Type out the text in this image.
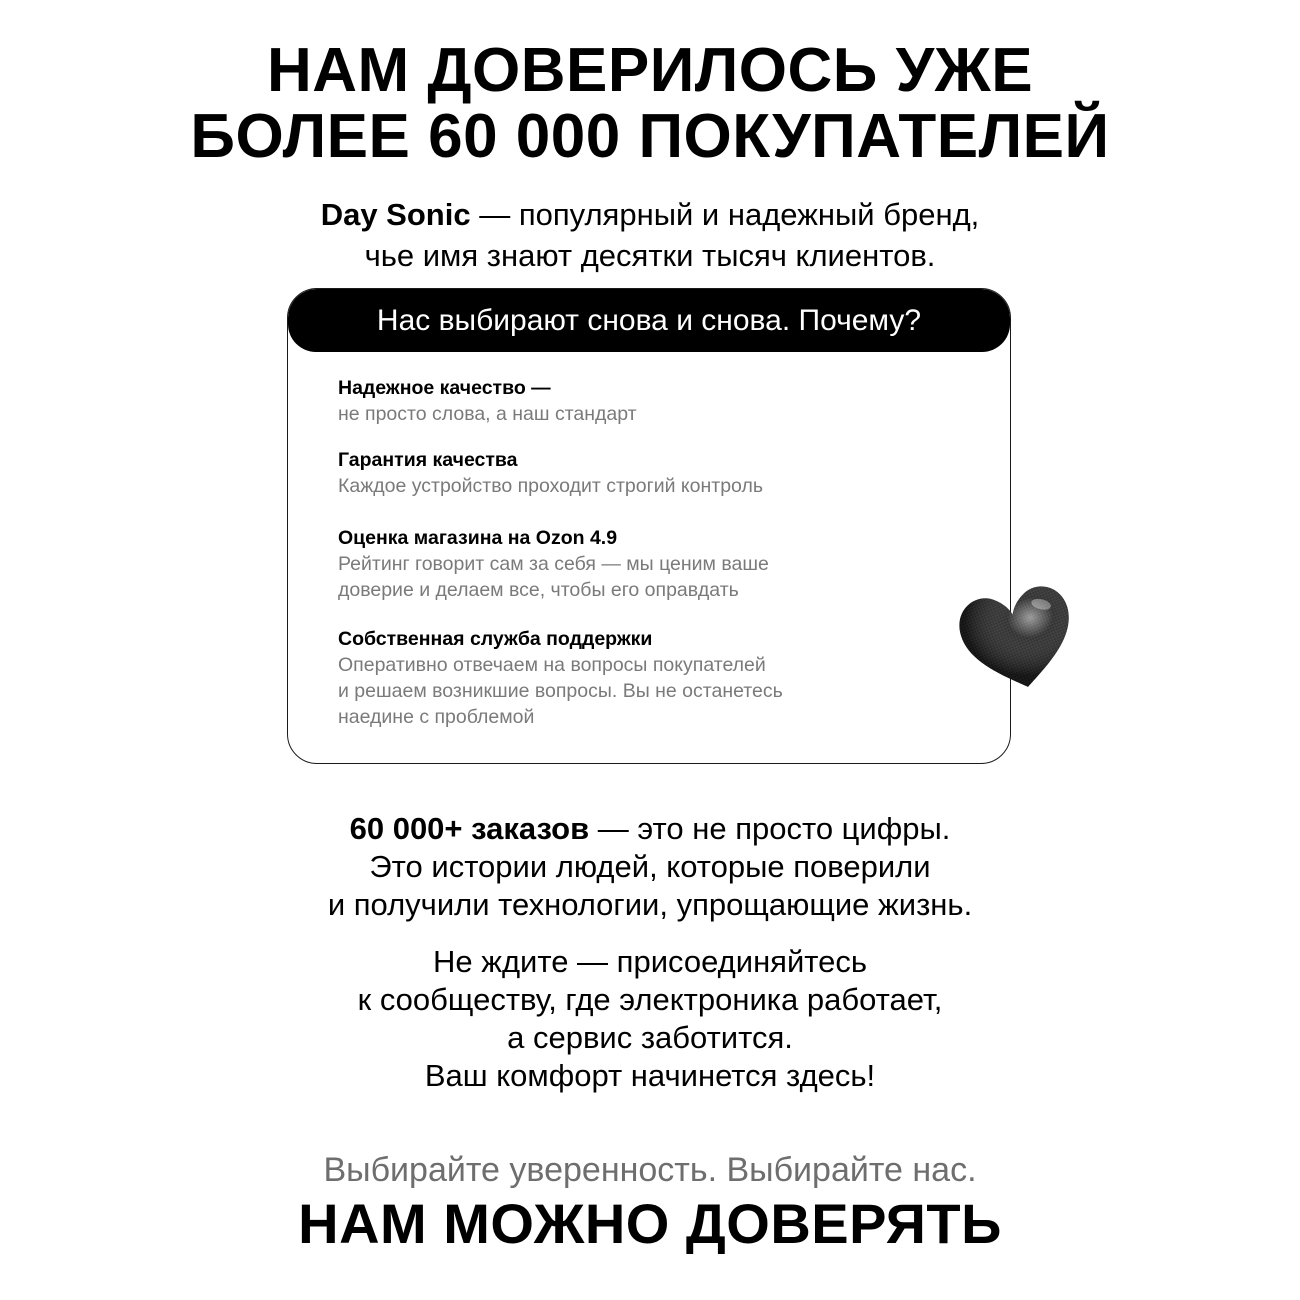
НАМ ДОВЕРИЛОСЬ УЖЕ
БОЛЕЕ 60 000 ПОКУПАТЕЛЕЙ
Day Sonic — популярный и надежный бренд,
чье имя знают десятки тысяч клиентов.
Нас выбирают снова и снова. Почему?
Надежное качество —
не просто слова, а наш стандарт
Гарантия качества
Каждое устройство проходит строгий контроль
Оценка магазина на Ozon 4.9
Рейтинг говорит сам за себя — мы ценим ваше
доверие и делаем все, чтобы его оправдать
Собственная служба поддержки
Оперативно отвечаем на вопросы покупателей
и решаем возникшие вопросы. Вы не останетесь
наедине с проблемой
60 000+ заказов — это не просто цифры.
Это истории людей, которые поверили
и получили технологии, упрощающие жизнь.
Не ждите — присоединяйтесь
к сообществу, где электроника работает,
а сервис заботится.
Ваш комфорт начинется здесь!
Выбирайте уверенность. Выбирайте нас.
НАМ МОЖНО ДОВЕРЯТЬ
